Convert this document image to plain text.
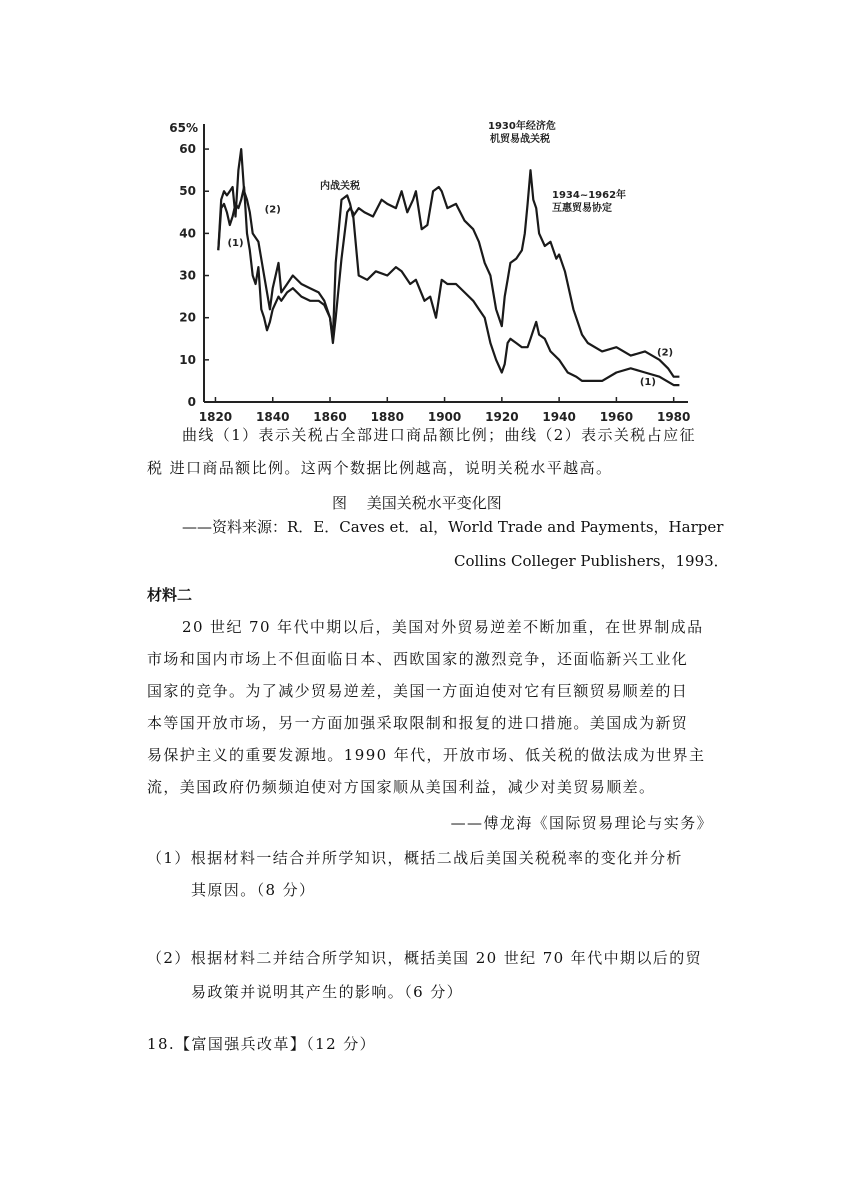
0
10
20
30
40
50
60
65%
1820 1840 1860 1880 1900 1920 1940 1960 1980
(1)
(2)
(2)
(1)
内战关税
1930年经济危
机贸易战关税
1934~1962年
互惠贸易协定
曲线（1）表示关税占全部进口商品额比例；曲线（2）表示关税占应征
税 进口商品额比例。这两个数据比例越高，说明关税水平越高。
图　 美国关税水平变化图
——资料来源：R．E．Caves et．al，World Trade and Payments，Harper
Collins Colleger Publishers，1993．
材料二
20 世纪 70 年代中期以后，美国对外贸易逆差不断加重，在世界制成品
市场和国内市场上不但面临日本、西欧国家的激烈竞争，还面临新兴工业化
国家的竞争。为了减少贸易逆差，美国一方面迫使对它有巨额贸易顺差的日
本等国开放市场，另一方面加强采取限制和报复的进口措施。美国成为新贸
易保护主义的重要发源地。1990 年代，开放市场、低关税的做法成为世界主
流，美国政府仍频频迫使对方国家顺从美国利益，减少对美贸易顺差。
——傅龙海《国际贸易理论与实务》
（1）根据材料一结合并所学知识，概括二战后美国关税税率的变化并分析
其原因。（8 分）
（2）根据材料二并结合所学知识，概括美国 20 世纪 70 年代中期以后的贸
易政策并说明其产生的影响。（6 分）
18.【富国强兵改革】（12 分）
